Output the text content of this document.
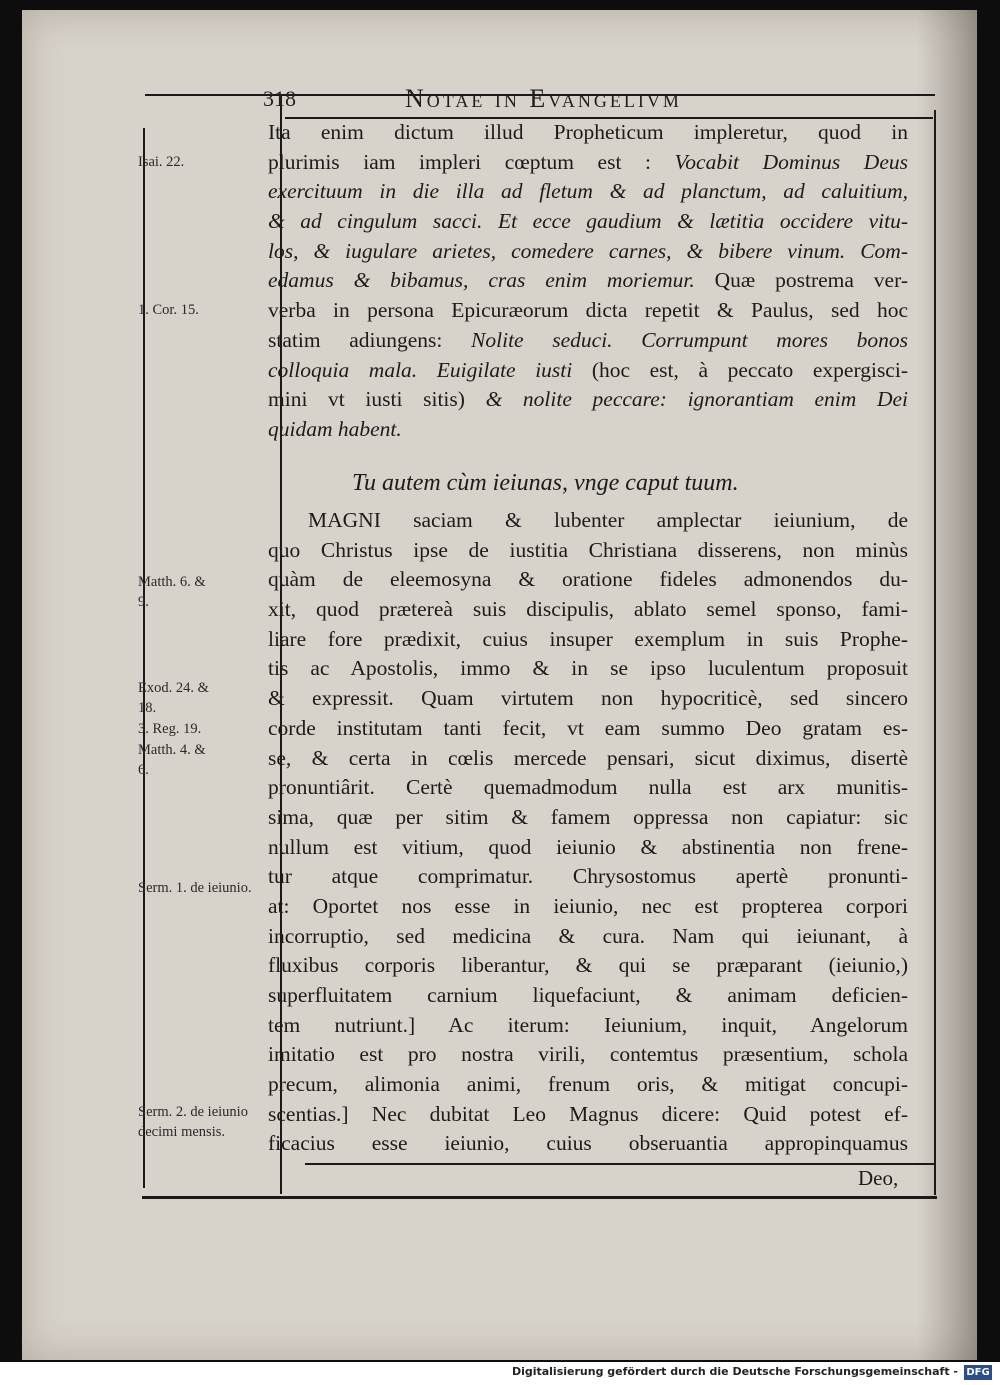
318	Notae in Evangelivm
Isai. 22.
1. Cor. 15.
Matth. 6. & 9.
Exod. 24. & 18.
3. Reg. 19.
Matth. 4. & 6.
Serm. 1. de ieiunio.
Serm. 2. de ieiunio decimi mensis.
Ita enim dictum illud Propheticum impleretur, quod in
plurimis iam impleri cœptum est : Vocabit Dominus Deus
exercituum in die illa ad fletum & ad planctum, ad caluitium,
& ad cingulum sacci. Et ecce gaudium & lætitia occidere vitu-
los, & iugulare arietes, comedere carnes, & bibere vinum. Com-
edamus & bibamus, cras enim moriemur. Quæ postrema ver-
verba in persona Epicuræorum dicta repetit & Paulus, sed hoc
statim adiungens: Nolite seduci. Corrumpunt mores bonos
colloquia mala. Euigilate iusti (hoc est, à peccato expergisci-
mini vt iusti sitis) & nolite peccare: ignorantiam enim Dei
quidam habent.
Tu autem cùm ieiunas, vnge caput tuum.
MAGNI saciam & lubenter amplectar ieiunium, de
quo Christus ipse de iustitia Christiana disserens, non minùs
quàm de eleemosyna & oratione fideles admonendos du-
xit, quod prætereà suis discipulis, ablato semel sponso, fami-
liare fore prædixit, cuius insuper exemplum in suis Prophe-
tis ac Apostolis, immo & in se ipso luculentum proposuit
& expressit. Quam virtutem non hypocriticè, sed sincero
corde institutam tanti fecit, vt eam summo Deo gratam es-
se, & certa in cœlis mercede pensari, sicut diximus, disertè
pronuntiârit. Certè quemadmodum nulla est arx munitis-
sima, quæ per sitim & famem oppressa non capiatur: sic
nullum est vitium, quod ieiunio & abstinentia non frene-
tur atque comprimatur. Chrysostomus apertè pronunti-
at: Oportet nos esse in ieiunio, nec est propterea corpori
incorruptio, sed medicina & cura. Nam qui ieiunant, à
fluxibus corporis liberantur, & qui se præparant (ieiunio,)
superfluitatem carnium liquefaciunt, & animam deficien-
tem nutriunt.] Ac iterum: Ieiunium, inquit, Angelorum
imitatio est pro nostra virili, contemtus præsentium, schola
precum, alimonia animi, frenum oris, & mitigat concupi-
scentias.] Nec dubitat Leo Magnus dicere: Quid potest ef-
ficacius esse ieiunio, cuius obseruantia appropinquamus
Deo,
Digitalisierung gefördert durch die Deutsche Forschungsgemeinschaft - DFG
